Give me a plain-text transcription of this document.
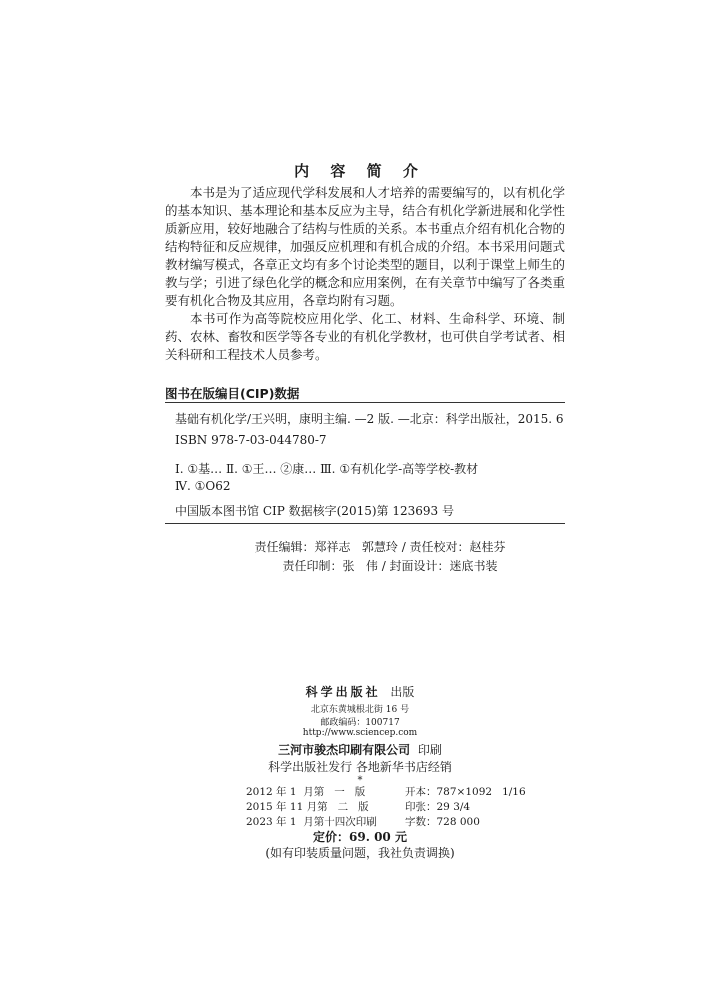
内 容 简 介

本书是为了适应现代学科发展和人才培养的需要编写的，以有机化学的基本知识、基本理论和基本反应为主导，结合有机化学新进展和化学性质新应用，较好地融合了结构与性质的关系。本书重点介绍有机化合物的结构特征和反应规律，加强反应机理和有机合成的介绍。本书采用问题式教材编写模式，各章正文均有多个讨论类型的题目，以利于课堂上师生的教与学；引进了绿色化学的概念和应用案例，在有关章节中编写了各类重要有机化合物及其应用，各章均附有习题。

本书可作为高等院校应用化学、化工、材料、生命科学、环境、制药、农林、畜牧和医学等各专业的有机化学教材，也可供自学考试者、相关科研和工程技术人员参考。

图书在版编目(CIP)数据
基础有机化学/王兴明，康明主编. —2 版. —北京：科学出版社，2015. 6
ISBN 978-7-03-044780-7
Ⅰ. ①基… Ⅱ. ①王… ②康… Ⅲ. ①有机化学-高等学校-教材
Ⅳ. ①O62
中国版本图书馆 CIP 数据核字(2015)第 123693 号
责任编辑：郑祥志   郭慧玲 / 责任校对：赵桂芬
责任印制：张   伟 / 封面设计：迷底书装
科学出版社 出版
北京东黄城根北街 16 号
邮政编码：100717
http://www.sciencep.com
三河市骏杰印刷有限公司 印刷
科学出版社发行 各地新华书店经销
*
2012 年 1  月第   一   版	开本：787×1092   1/16
2015 年 11 月第   二   版	印张：29 3/4
2023 年 1  月第十四次印刷	字数：728 000
定价：69. 00 元
(如有印装质量问题，我社负责调换)
